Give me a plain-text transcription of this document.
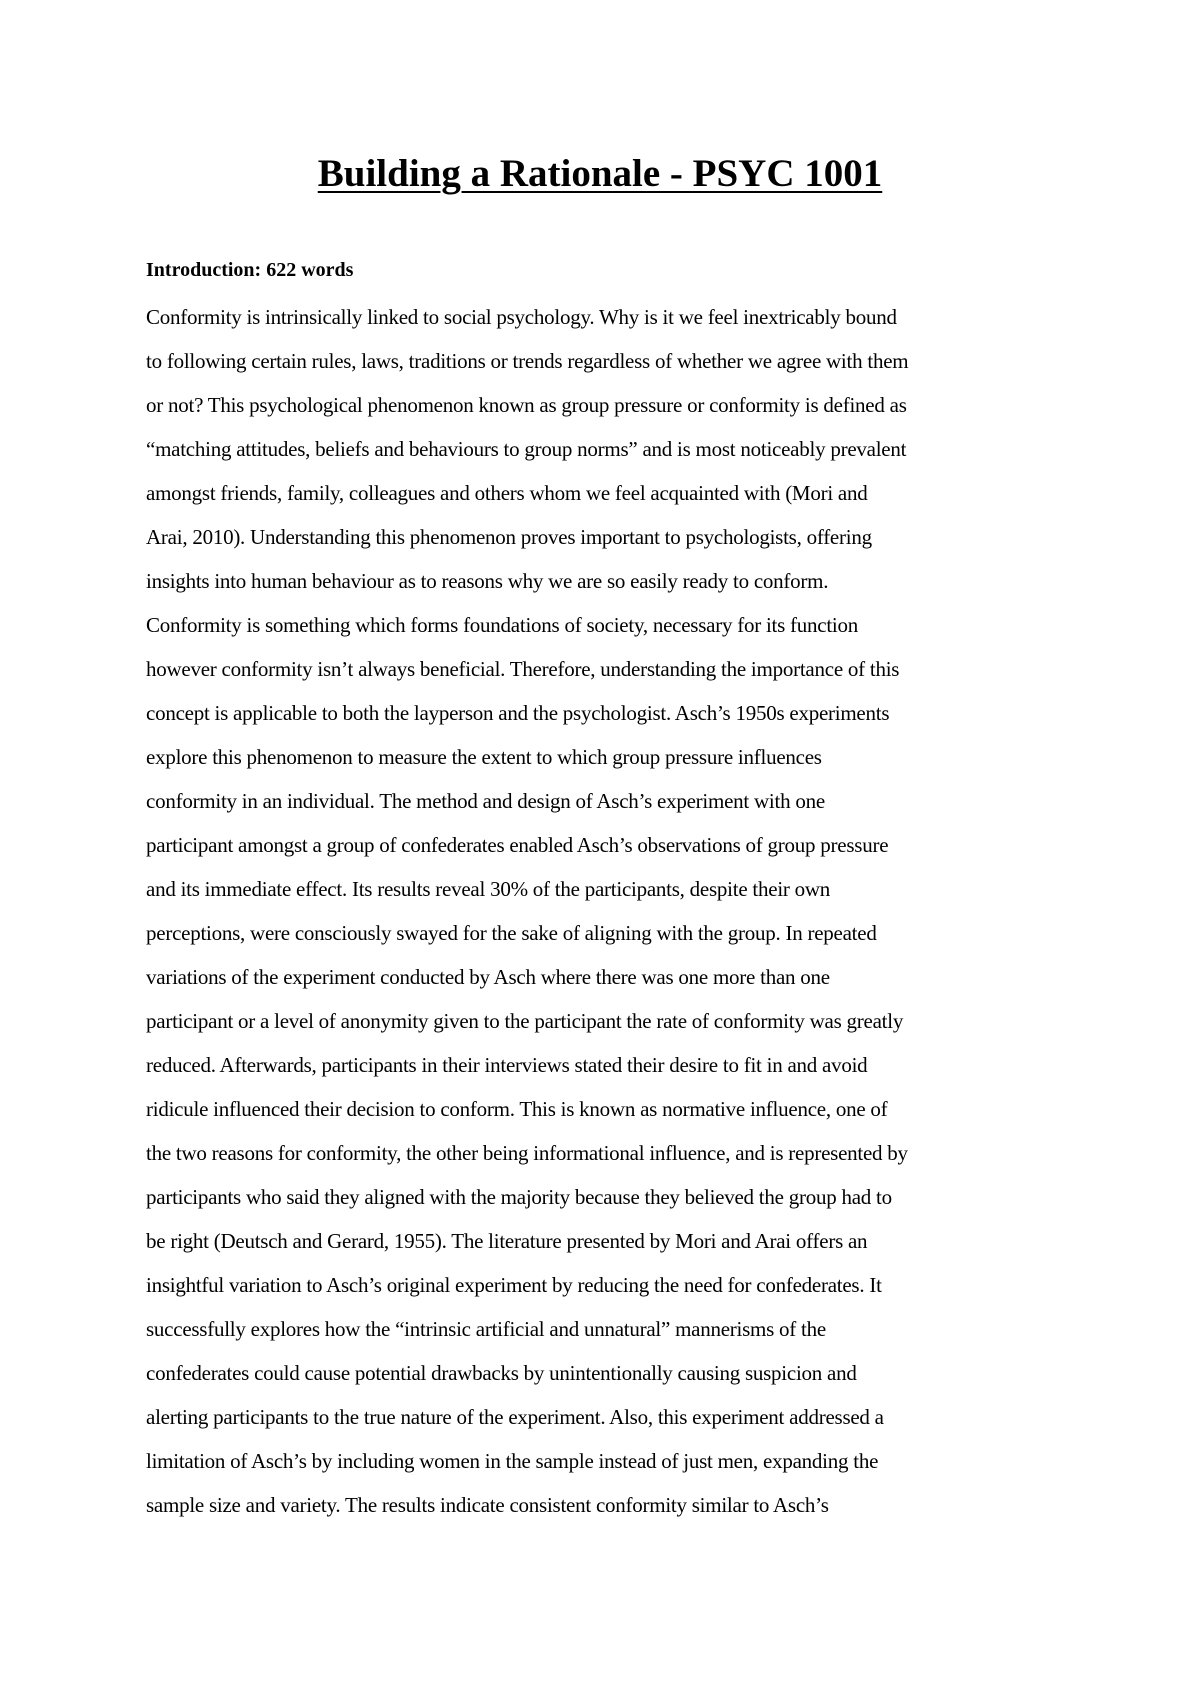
Building a Rationale - PSYC 1001
Introduction: 622 words
Conformity is intrinsically linked to social psychology. Why is it we feel inextricably bound
to following certain rules, laws, traditions or trends regardless of whether we agree with them
or not? This psychological phenomenon known as group pressure or conformity is defined as
“matching attitudes, beliefs and behaviours to group norms” and is most noticeably prevalent
amongst friends, family, colleagues and others whom we feel acquainted with (Mori and
Arai, 2010). Understanding this phenomenon proves important to psychologists, offering
insights into human behaviour as to reasons why we are so easily ready to conform.
Conformity is something which forms foundations of society, necessary for its function
however conformity isn’t always beneficial. Therefore, understanding the importance of this
concept is applicable to both the layperson and the psychologist. Asch’s 1950s experiments
explore this phenomenon to measure the extent to which group pressure influences
conformity in an individual. The method and design of Asch’s experiment with one
participant amongst a group of confederates enabled Asch’s observations of group pressure
and its immediate effect. Its results reveal 30% of the participants, despite their own
perceptions, were consciously swayed for the sake of aligning with the group. In repeated
variations of the experiment conducted by Asch where there was one more than one
participant or a level of anonymity given to the participant the rate of conformity was greatly
reduced. Afterwards, participants in their interviews stated their desire to fit in and avoid
ridicule influenced their decision to conform. This is known as normative influence, one of
the two reasons for conformity, the other being informational influence, and is represented by
participants who said they aligned with the majority because they believed the group had to
be right (Deutsch and Gerard, 1955). The literature presented by Mori and Arai offers an
insightful variation to Asch’s original experiment by reducing the need for confederates. It
successfully explores how the “intrinsic artificial and unnatural” mannerisms of the
confederates could cause potential drawbacks by unintentionally causing suspicion and
alerting participants to the true nature of the experiment. Also, this experiment addressed a
limitation of Asch’s by including women in the sample instead of just men, expanding the
sample size and variety. The results indicate consistent conformity similar to Asch’s
